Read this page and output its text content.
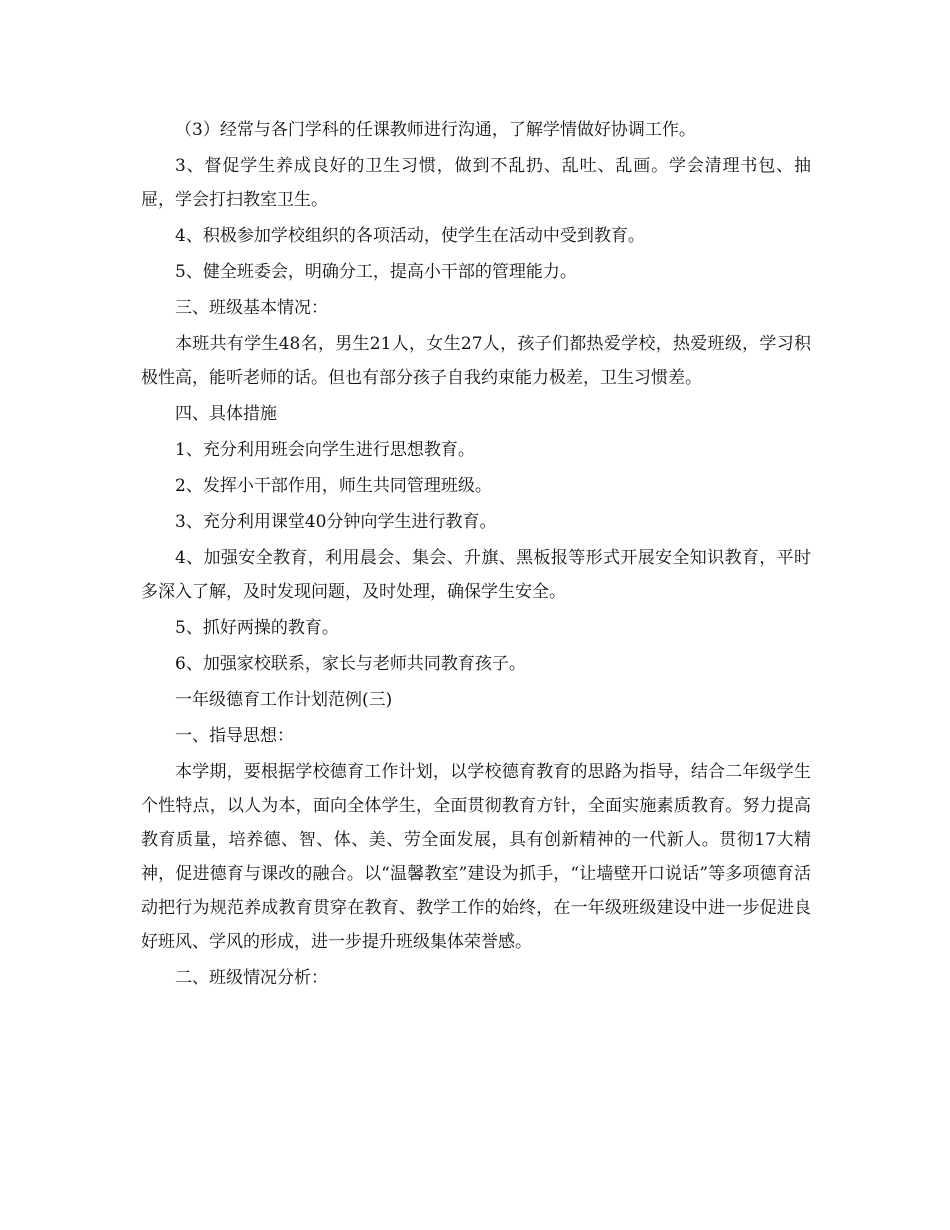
（3）经常与各门学科的任课教师进行沟通，了解学情做好协调工作。

3、督促学生养成良好的卫生习惯，做到不乱扔、乱吐、乱画。学会清理书包、抽屉，学会打扫教室卫生。

4、积极参加学校组织的各项活动，使学生在活动中受到教育。

5、健全班委会，明确分工，提高小干部的管理能力。

三、班级基本情况：

本班共有学生48名，男生21人，女生27人，孩子们都热爱学校，热爱班级，学习积极性高，能听老师的话。但也有部分孩子自我约束能力极差，卫生习惯差。

四、具体措施

1、充分利用班会向学生进行思想教育。

2、发挥小干部作用，师生共同管理班级。

3、充分利用课堂40分钟向学生进行教育。

4、加强安全教育，利用晨会、集会、升旗、黑板报等形式开展安全知识教育，平时多深入了解，及时发现问题，及时处理，确保学生安全。

5、抓好两操的教育。

6、加强家校联系，家长与老师共同教育孩子。

一年级德育工作计划范例(三)

一、指导思想：

本学期，要根据学校德育工作计划，以学校德育教育的思路为指导，结合二年级学生个性特点，以人为本，面向全体学生，全面贯彻教育方针，全面实施素质教育。努力提高教育质量，培养德、智、体、美、劳全面发展，具有创新精神的一代新人。贯彻17大精神，促进德育与课改的融合。以“温馨教室”建设为抓手，“让墙壁开口说话”等多项德育活动把行为规范养成教育贯穿在教育、教学工作的始终，在一年级班级建设中进一步促进良好班风、学风的形成，进一步提升班级集体荣誉感。

二、班级情况分析：
